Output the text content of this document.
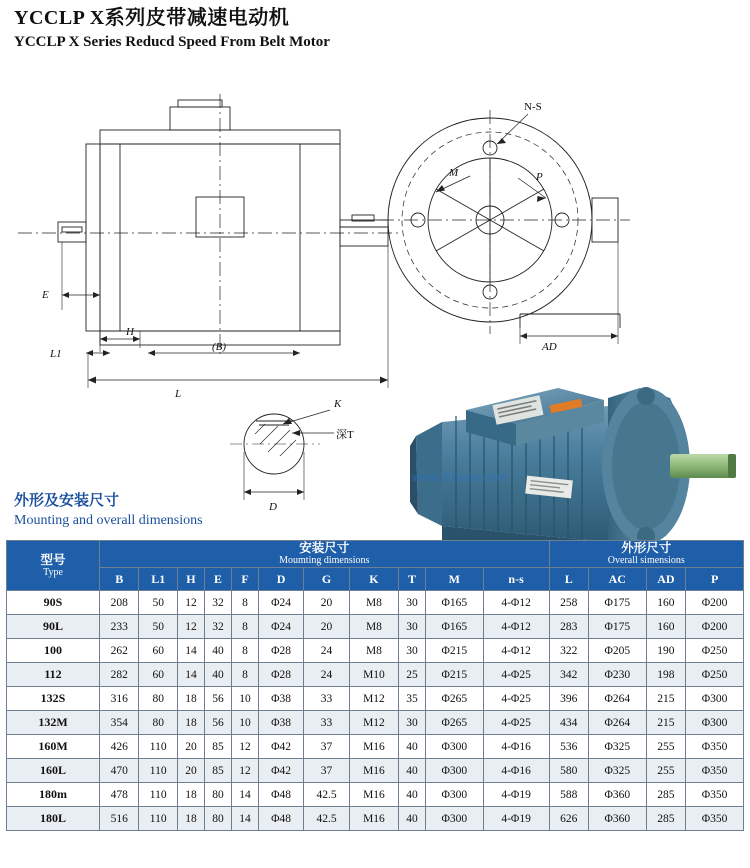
YCCLP X系列皮带减速电动机
YCCLP X Series Reducd Speed From Belt Motor
E
H
L1
(B)
L
N-S
M	P
AD
K
深T
D
www.91way.com
外形及安装尺寸
Mounting and overall dimensions
型号
Type	安装尺寸
Moumting dimensions											外形尺寸
Overall simensions			

	B	L1	H	E	F	D	G	K	T	M	n-s	L	AC	AD	P
90S	208	50	12	32	8	Φ24	20	M8	30	Φ165	4-Φ12	258	Φ175	160	Φ200
90L	233	50	12	32	8	Φ24	20	M8	30	Φ165	4-Φ12	283	Φ175	160	Φ200
100	262	60	14	40	8	Φ28	24	M8	30	Φ215	4-Φ12	322	Φ205	190	Φ250
112	282	60	14	40	8	Φ28	24	M10	25	Φ215	4-Φ25	342	Φ230	198	Φ250
132S	316	80	18	56	10	Φ38	33	M12	35	Φ265	4-Φ25	396	Φ264	215	Φ300
132M	354	80	18	56	10	Φ38	33	M12	30	Φ265	4-Φ25	434	Φ264	215	Φ300
160M	426	110	20	85	12	Φ42	37	M16	40	Φ300	4-Φ16	536	Φ325	255	Φ350
160L	470	110	20	85	12	Φ42	37	M16	40	Φ300	4-Φ16	580	Φ325	255	Φ350
180m	478	110	18	80	14	Φ48	42.5	M16	40	Φ300	4-Φ19	588	Φ360	285	Φ350
180L	516	110	18	80	14	Φ48	42.5	M16	40	Φ300	4-Φ19	626	Φ360	285	Φ350
